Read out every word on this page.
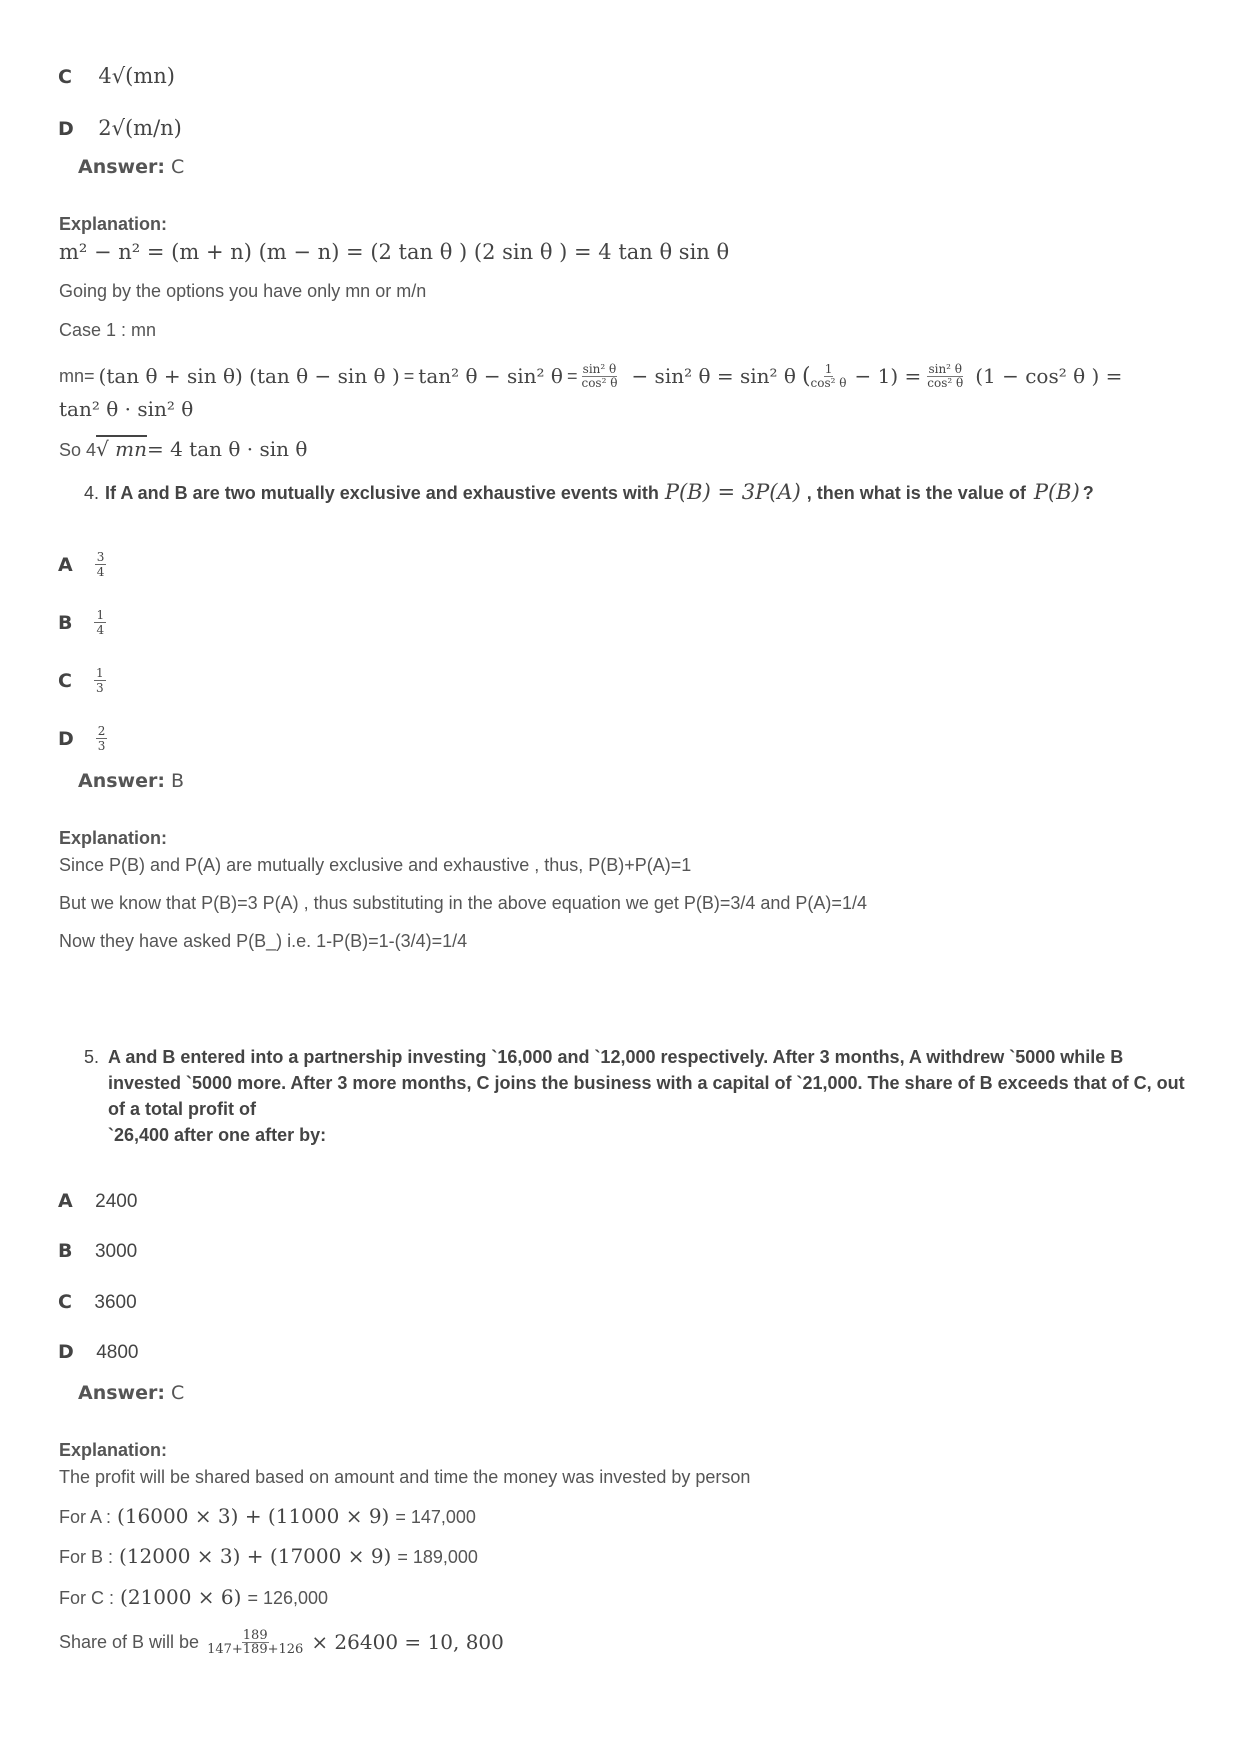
C 4√(mn)
D 2√(m/n)
Answer: C
Explanation:
m² − n² = (m + n) (m − n) = (2 tan θ ) (2 sin θ ) = 4 tan θ sin θ
Going by the options you have only mn or m/n
Case 1 : mn
mn= (tan θ + sin θ) (tan θ − sin θ ) = tan² θ − sin² $\theta = \frac{\text{sin² θ}}{\text{cos² θ}} - \sin^2$ θ = sin² θ ( 1
cos² $\theta - 1) = \frac{\text{sin² θ}}{\text{cos² θ}} (1 - \cos^2$ θ ) =
tan² θ · sin² θ
So 4 √ mn = 4 tan θ · sin θ
4. If A and B are two mutually exclusive and exhaustive events with P(B) = 3P(A) , then what is the value of P(B) ?
A $\frac{3}{4}$
B $\frac{1}{4}$
C $\frac{1}{3}$
D $\frac{2}{3}$
Answer: B
Explanation:
Since P(B) and P(A) are mutually exclusive and exhaustive , thus, P(B)+P(A)=1
But we know that P(B)=3 P(A) , thus substituting in the above equation we get P(B)=3/4 and P(A)=1/4
Now they have asked P(B_) i.e. 1-P(B)=1-(3/4)=1/4
5. A and B entered into a partnership investing `16,000 and `12,000 respectively. After 3 months, A withdrew `5000 while B
invested `5000 more. After 3 more months, C joins the business with a capital of `21,000. The share of B exceeds that of C, out
of a total profit of
`26,400 after one after by:
A 2400
B 3000
C 3600
D 4800
Answer: C
Explanation:
The profit will be shared based on amount and time the money was invested by person
For A : (16000 × 3) + (11000 × 9) = 147,000
For B : (12000 × 3) + (17000 × 9) = 189,000
For C : (21000 × 6) = 126,000
Share of B will be $\frac{189}{147+189+126} \times 26400 = 10$, 800
